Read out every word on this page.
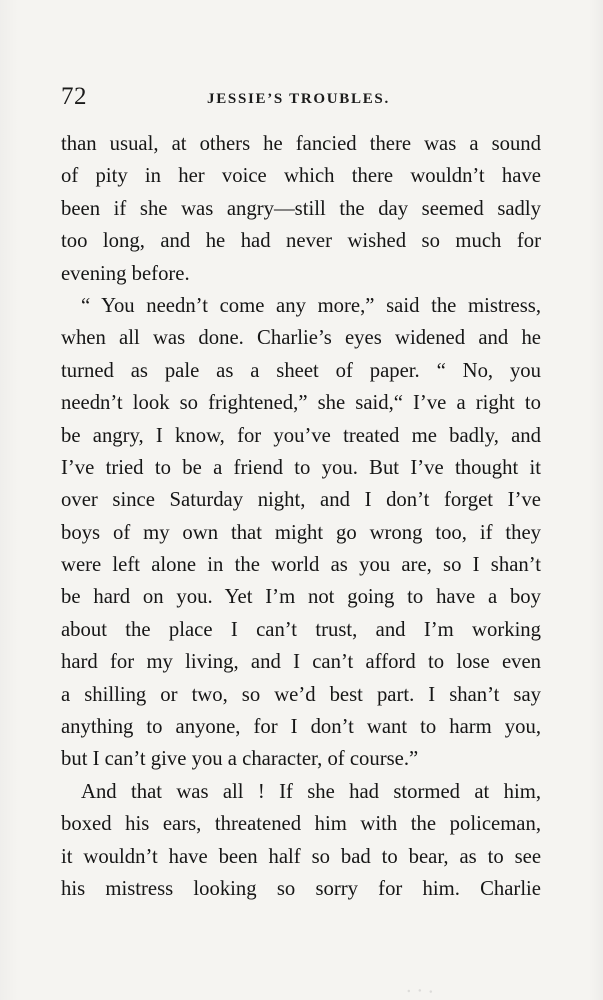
72	JESSIE’S TROUBLES.
than usual, at others he fancied there was a sound
of pity in her voice which there wouldn’t have
been if she was angry—still the day seemed sadly
too long, and he had never wished so much for
evening before.
“ You needn’t come any more,” said the mistress,
when all was done. Charlie’s eyes widened and he
turned as pale as a sheet of paper. “ No, you
needn’t look so frightened,” she said,“ I’ve a right to
be angry, I know, for you’ve treated me badly, and
I’ve tried to be a friend to you. But I’ve thought it
over since Saturday night, and I don’t forget I’ve
boys of my own that might go wrong too, if they
were left alone in the world as you are, so I shan’t
be hard on you. Yet I’m not going to have a boy
about the place I can’t trust, and I’m working
hard for my living, and I can’t afford to lose even
a shilling or two, so we’d best part. I shan’t say
anything to anyone, for I don’t want to harm you,
but I can’t give you a character, of course.”
And that was all ! If she had stormed at him,
boxed his ears, threatened him with the policeman,
it wouldn’t have been half so bad to bear, as to see
his mistress looking so sorry for him. Charlie
